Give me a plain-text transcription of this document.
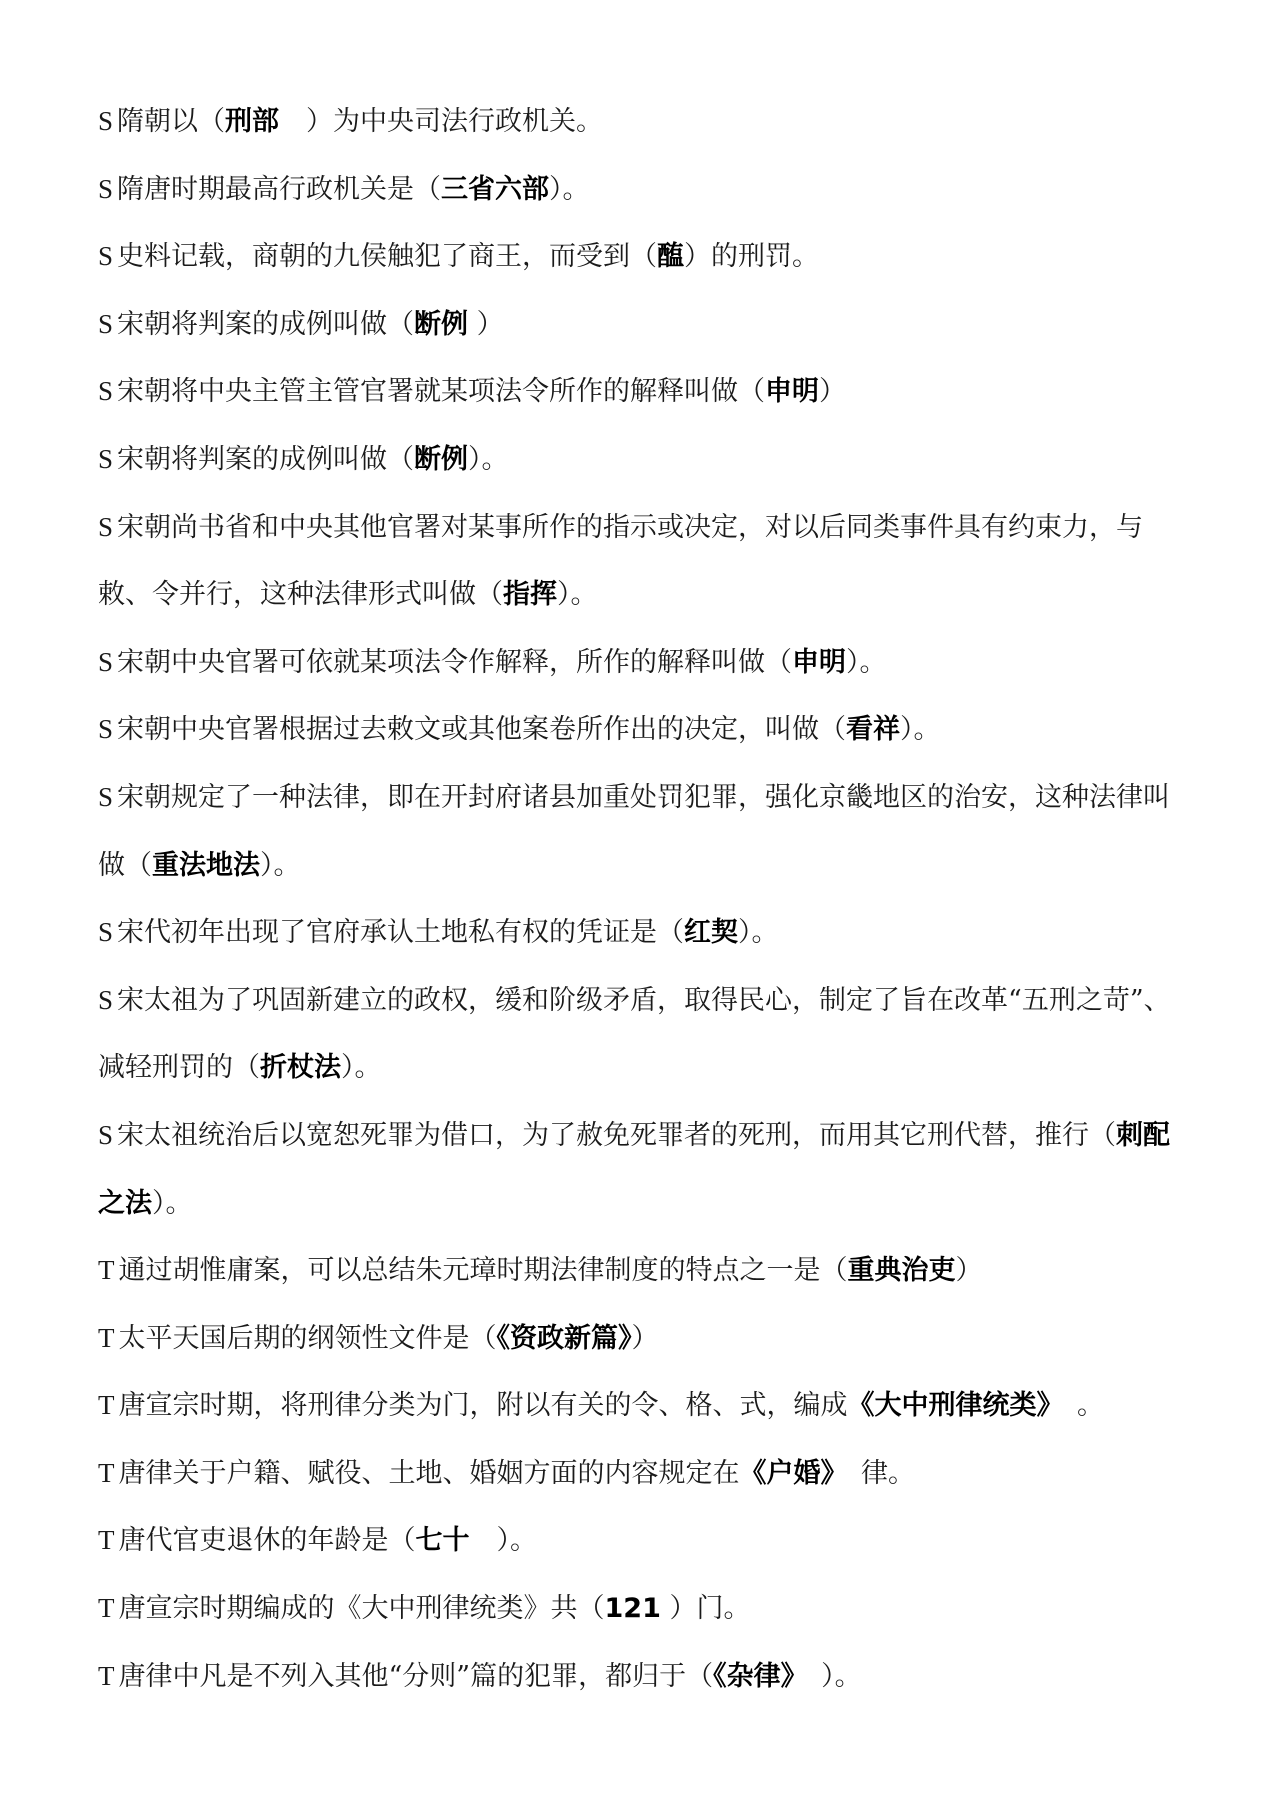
S 隋朝以（刑部　）为中央司法行政机关。

S 隋唐时期最高行政机关是（三省六部）。

S 史料记载，商朝的九侯触犯了商王，而受到（醢）的刑罚。

S 宋朝将判案的成例叫做（断例 ）

S 宋朝将中央主管主管官署就某项法令所作的解释叫做（申明）

S 宋朝将判案的成例叫做（断例）。

S 宋朝尚书省和中央其他官署对某事所作的指示或决定，对以后同类事件具有约束力，与敕、令并行，这种法律形式叫做（指挥）。

S 宋朝中央官署可依就某项法令作解释，所作的解释叫做（申明）。

S 宋朝中央官署根据过去敕文或其他案卷所作出的决定，叫做（看祥）。

S 宋朝规定了一种法律，即在开封府诸县加重处罚犯罪，强化京畿地区的治安，这种法律叫做（重法地法）。

S 宋代初年出现了官府承认土地私有权的凭证是（红契）。

S 宋太祖为了巩固新建立的政权，缓和阶级矛盾，取得民心，制定了旨在改革“五刑之苛”、减轻刑罚的（折杖法）。

S 宋太祖统治后以宽恕死罪为借口，为了赦免死罪者的死刑，而用其它刑代替，推行（刺配之法）。

T 通过胡惟庸案，可以总结朱元璋时期法律制度的特点之一是（重典治吏）

T 太平天国后期的纲领性文件是（《资政新篇》）

T 唐宣宗时期，将刑律分类为门，附以有关的令、格、式，编成《大中刑律统类》　。

T 唐律关于户籍、赋役、土地、婚姻方面的内容规定在《户婚》　律。

T 唐代官吏退休的年龄是（七十　）。

T 唐宣宗时期编成的《大中刑律统类》共（121 ）门。

T 唐律中凡是不列入其他“分则”篇的犯罪，都归于（《杂律》　）。
